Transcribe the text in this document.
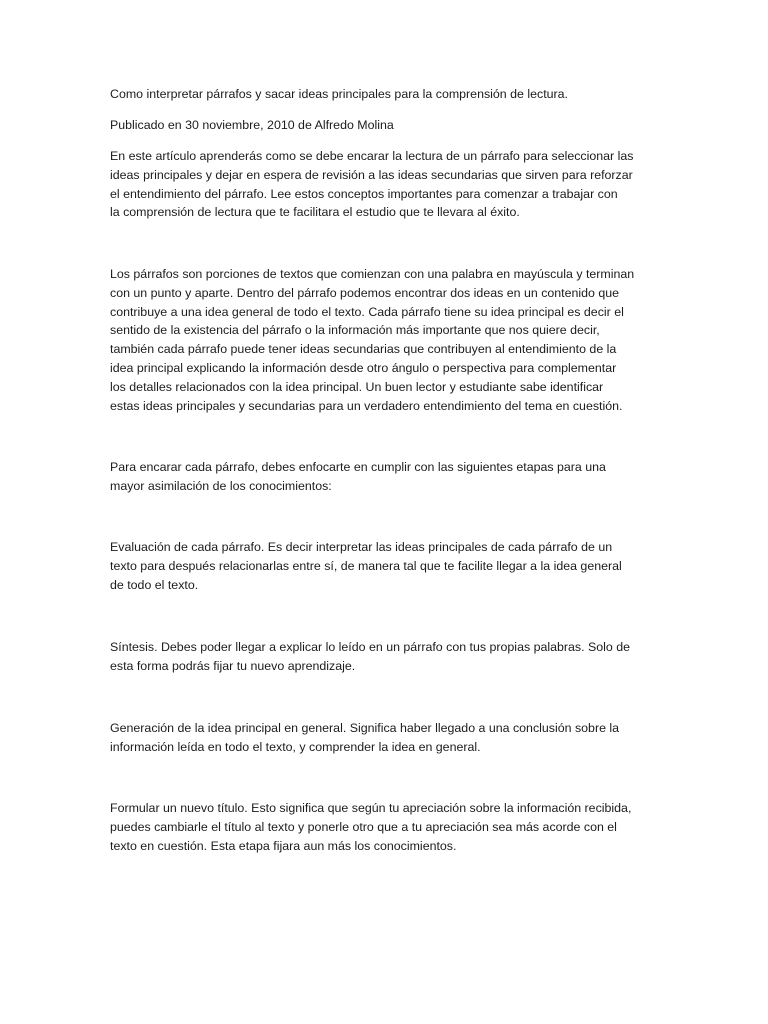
Como interpretar párrafos y sacar ideas principales para la comprensión de lectura.

Publicado en 30 noviembre, 2010 de Alfredo Molina

En este artículo aprenderás como se debe encarar la lectura de un párrafo para seleccionar las
ideas principales y dejar en espera de revisión a las ideas secundarias que sirven para reforzar
el entendimiento del párrafo. Lee estos conceptos importantes para comenzar a trabajar con
la comprensión de lectura que te facilitara el estudio que te llevara al éxito.

Los párrafos son porciones de textos que comienzan con una palabra en mayúscula y terminan
con un punto y aparte. Dentro del párrafo podemos encontrar dos ideas en un contenido que
contribuye a una idea general de todo el texto. Cada párrafo tiene su idea principal es decir el
sentido de la existencia del párrafo o la información más importante que nos quiere decir,
también cada párrafo puede tener ideas secundarias que contribuyen al entendimiento de la
idea principal explicando la información desde otro ángulo o perspectiva para complementar
los detalles relacionados con la idea principal. Un buen lector y estudiante sabe identificar
estas ideas principales y secundarias para un verdadero entendimiento del tema en cuestión.

Para encarar cada párrafo, debes enfocarte en cumplir con las siguientes etapas para una
mayor asimilación de los conocimientos:

Evaluación de cada párrafo. Es decir interpretar las ideas principales de cada párrafo de un
texto para después relacionarlas entre sí, de manera tal que te facilite llegar a la idea general
de todo el texto.

Síntesis. Debes poder llegar a explicar lo leído en un párrafo con tus propias palabras. Solo de
esta forma podrás fijar tu nuevo aprendizaje.

Generación de la idea principal en general. Significa haber llegado a una conclusión sobre la
información leída en todo el texto, y comprender la idea en general.

Formular un nuevo título. Esto significa que según tu apreciación sobre la información recibida,
puedes cambiarle el título al texto y ponerle otro que a tu apreciación sea más acorde con el
texto en cuestión. Esta etapa fijara aun más los conocimientos.
